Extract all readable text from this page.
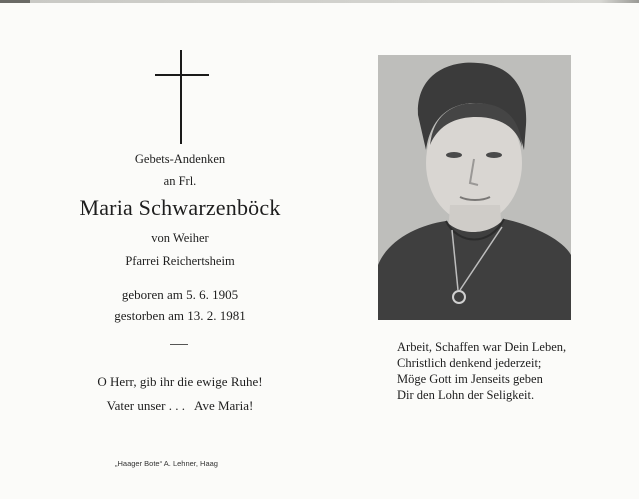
Gebets-Andenken
an Frl.
Maria Schwarzenböck
von Weiher
Pfarrei Reichertsheim
geboren am 5. 6. 1905
gestorben am 13. 2. 1981
O Herr, gib ihr die ewige Ruhe!
Vater unser . . .   Ave Maria!
„Haager Bote“ A. Lehner, Haag
Arbeit, Schaffen war Dein Leben,
Christlich denkend jederzeit;
Möge Gott im Jenseits geben
Dir den Lohn der Seligkeit.
